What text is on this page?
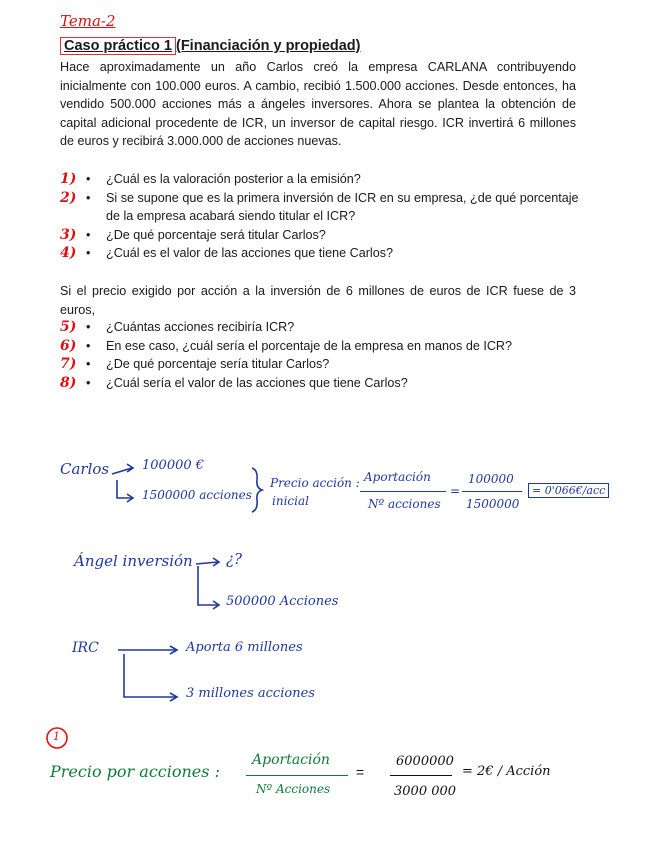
Tema-2
Caso práctico 1 (Financiación y propiedad)

Hace aproximadamente un año Carlos creó la empresa CARLANA contribuyendo inicialmente con 100.000 euros. A cambio, recibió 1.500.000 acciones. Desde entonces, ha vendido 500.000 acciones más a ángeles inversores. Ahora se plantea la obtención de capital adicional procedente de ICR, un inversor de capital riesgo. ICR invertirá 6 millones de euros y recibirá 3.000.000 de acciones nuevas.

1) • ¿Cuál es la valoración posterior a la emisión?
2) • Si se supone que es la primera inversión de ICR en su empresa, ¿de qué porcentaje de la empresa acabará siendo titular el ICR?
3) • ¿De qué porcentaje será titular Carlos?
4) • ¿Cuál es el valor de las acciones que tiene Carlos?

Si el precio exigido por acción a la inversión de 6 millones de euros de ICR fuese de 3 euros,

5) • ¿Cuántas acciones recibiría ICR?
6) • En ese caso, ¿cuál sería el porcentaje de la empresa en manos de ICR?
7) • ¿De qué porcentaje sería titular Carlos?
8) • ¿Cuál sería el valor de las acciones que tiene Carlos?
Carlos	100000 €
1500000 acciones
Precio acción :
inicial
Aportación
Nº acciones
=
100000
1500000
= 0'066€/acc
Ángel inversión ¿?
500000 Acciones
IRC	Aporta 6 millones
3 millones acciones
1
Precio por acciones :
Aportación
Nº Acciones
=
6000000
3000 000
= 2€ / Acción
